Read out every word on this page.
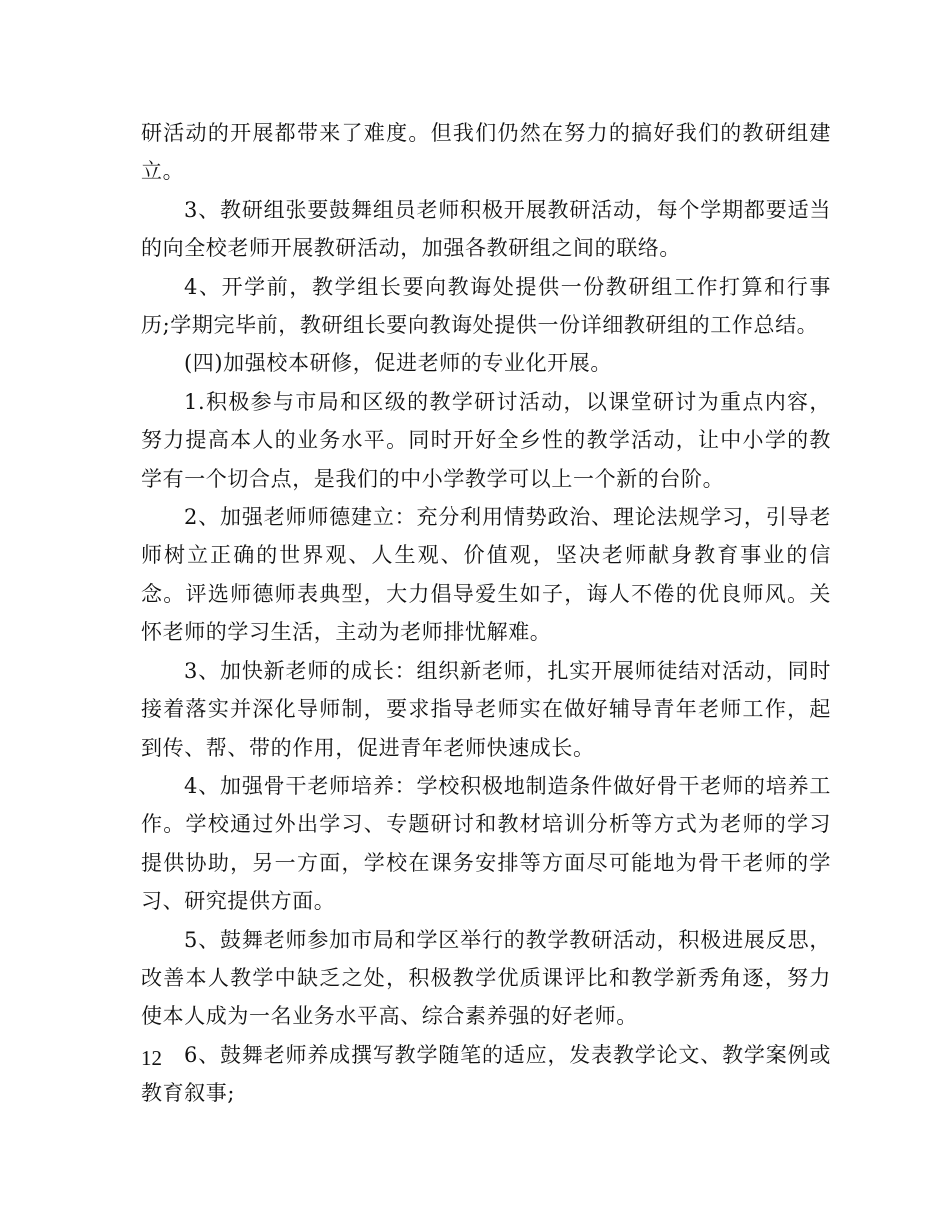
研活动的开展都带来了难度。但我们仍然在努力的搞好我们的教研组建立。

3、教研组张要鼓舞组员老师积极开展教研活动，每个学期都要适当的向全校老师开展教研活动，加强各教研组之间的联络。

4、开学前，教学组长要向教诲处提供一份教研组工作打算和行事历;学期完毕前，教研组长要向教诲处提供一份详细教研组的工作总结。

(四)加强校本研修，促进老师的专业化开展。

1.积极参与市局和区级的教学研讨活动，以课堂研讨为重点内容，努力提高本人的业务水平。同时开好全乡性的教学活动，让中小学的教学有一个切合点，是我们的中小学教学可以上一个新的台阶。

2、加强老师师德建立：充分利用情势政治、理论法规学习，引导老师树立正确的世界观、人生观、价值观，坚决老师献身教育事业的信念。评选师德师表典型，大力倡导爱生如子，诲人不倦的优良师风。关怀老师的学习生活，主动为老师排忧解难。

3、加快新老师的成长：组织新老师，扎实开展师徒结对活动，同时接着落实并深化导师制，要求指导老师实在做好辅导青年老师工作，起到传、帮、带的作用，促进青年老师快速成长。

4、加强骨干老师培养：学校积极地制造条件做好骨干老师的培养工作。学校通过外出学习、专题研讨和教材培训分析等方式为老师的学习提供协助，另一方面，学校在课务安排等方面尽可能地为骨干老师的学习、研究提供方面。

5、鼓舞老师参加市局和学区举行的教学教研活动，积极进展反思，改善本人教学中缺乏之处，积极教学优质课评比和教学新秀角逐，努力使本人成为一名业务水平高、综合素养强的好老师。

6、鼓舞老师养成撰写教学随笔的适应，发表教学论文、教学案例或教育叙事;

12
